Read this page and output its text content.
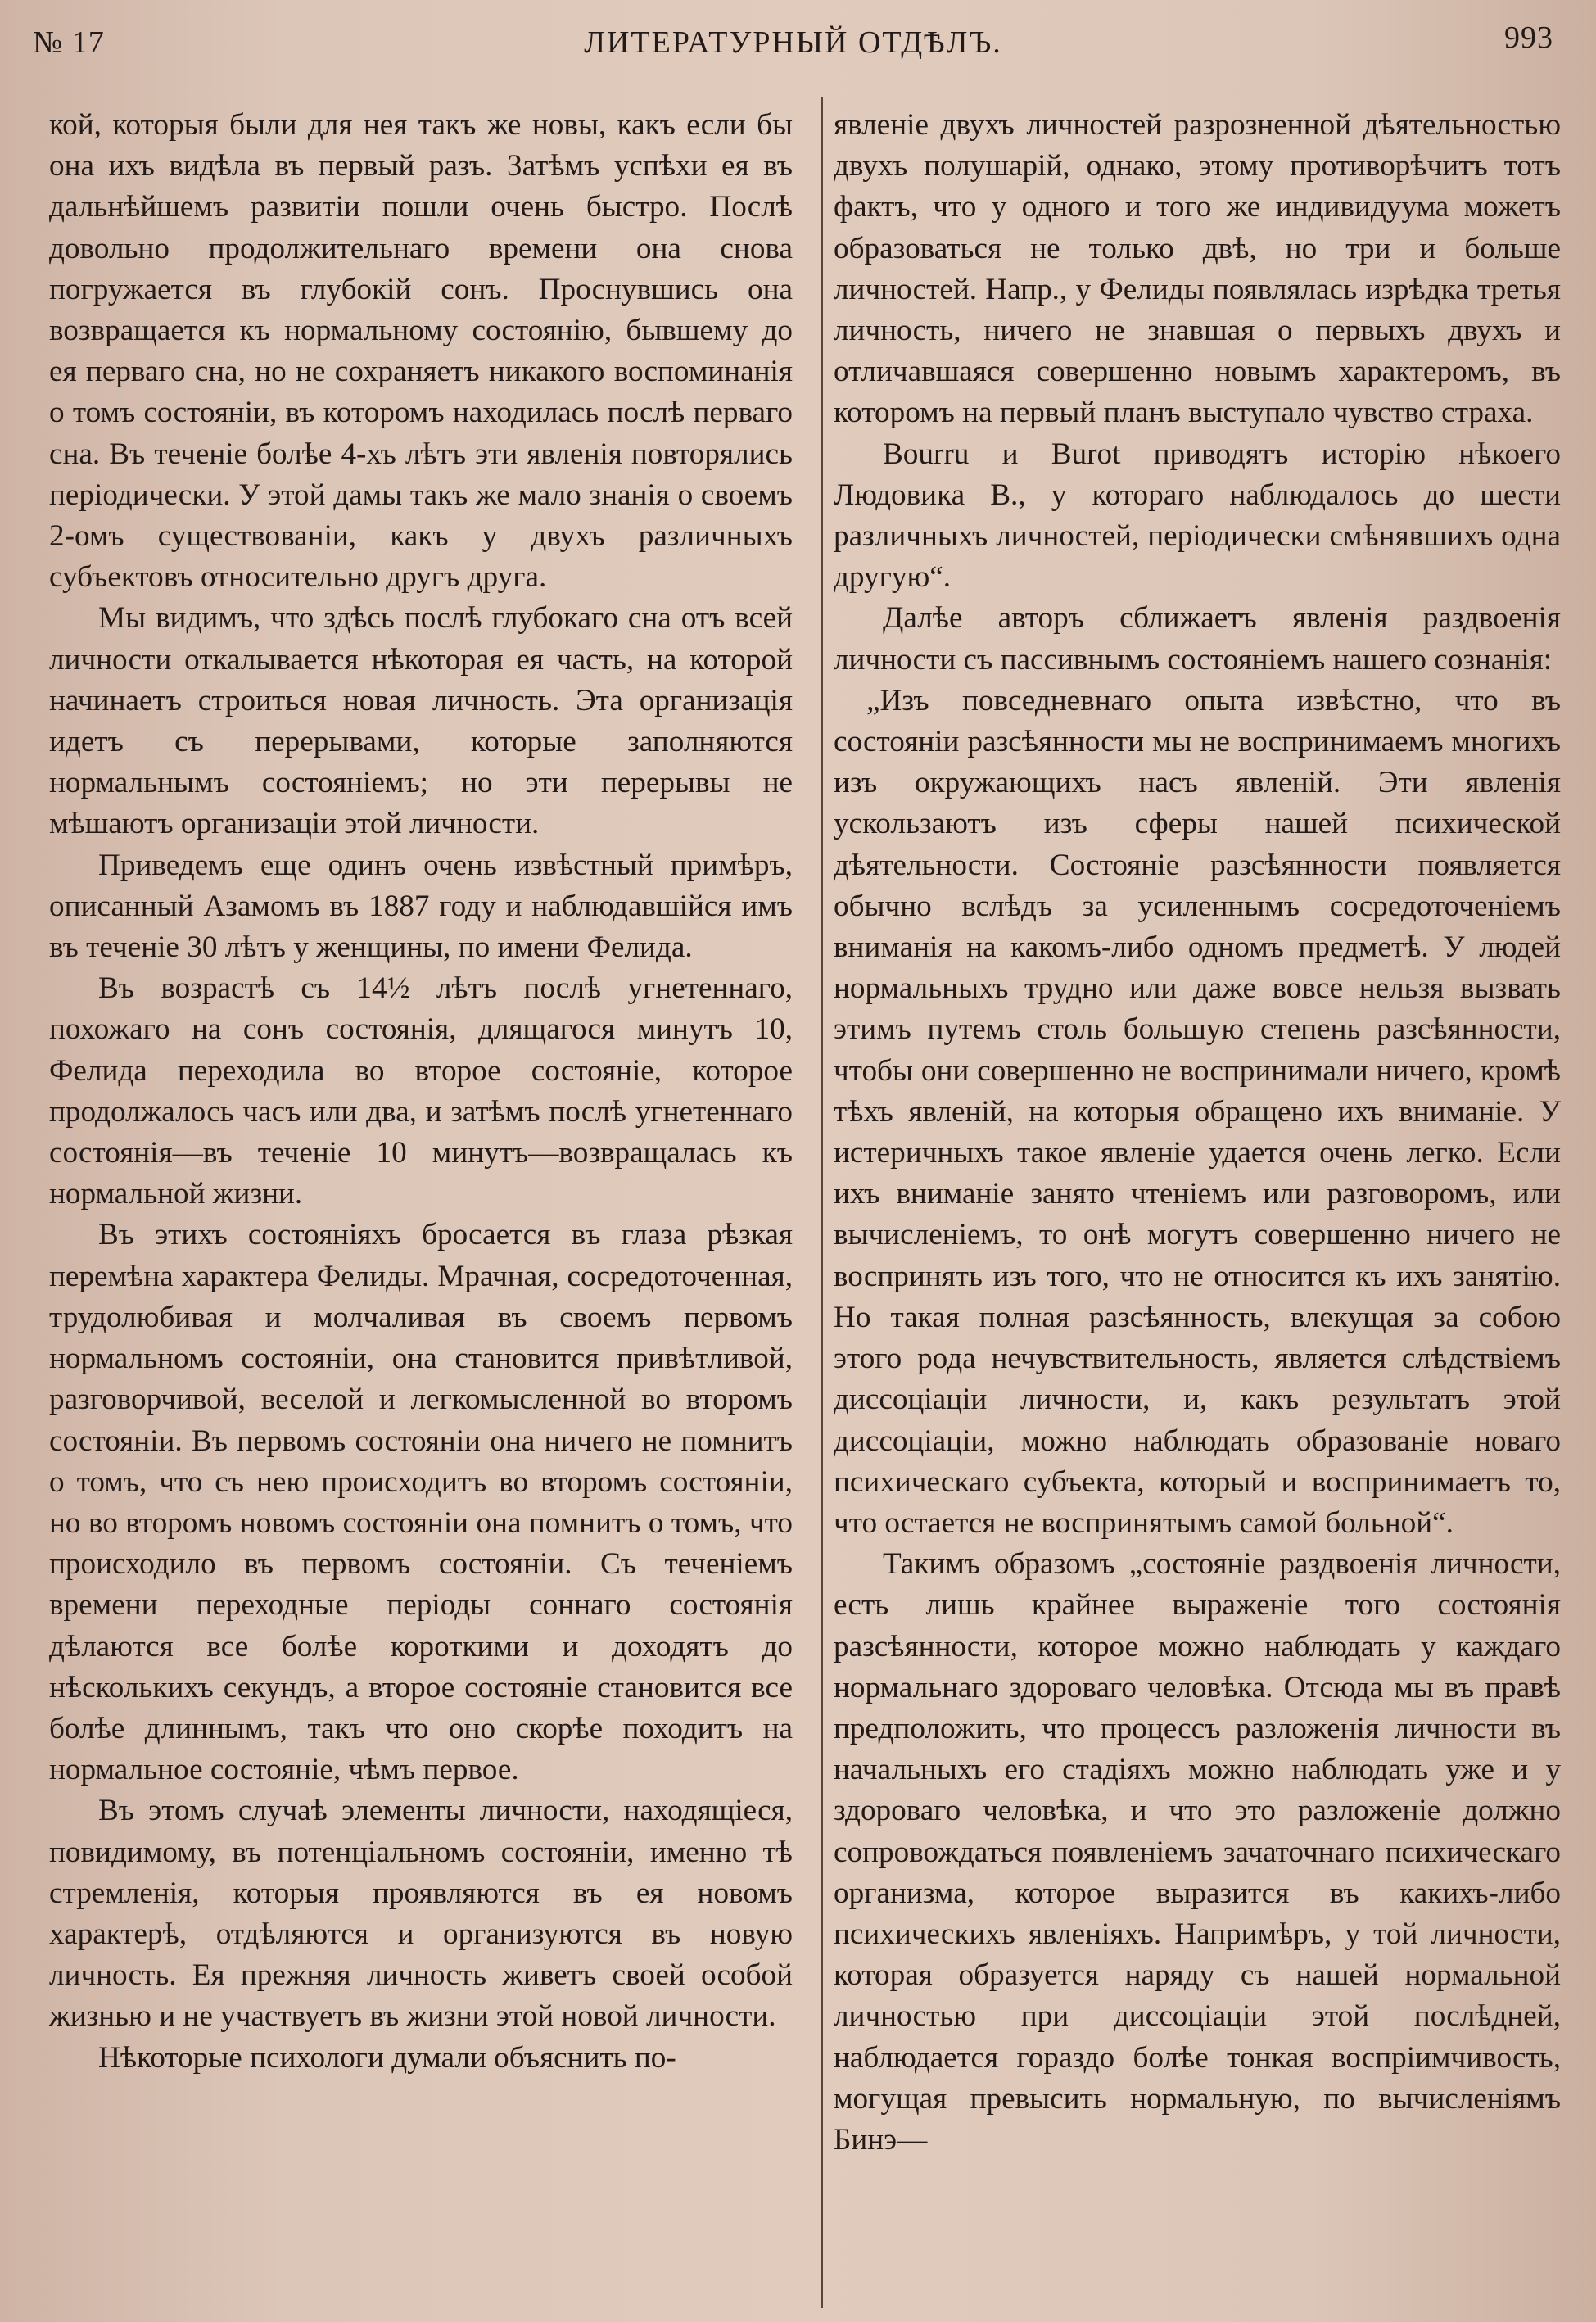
№ 17	ЛИТЕРАТУРНЫЙ ОТДѢЛЪ.	993

кой, которыя были для нея такъ же новы, какъ если бы она ихъ видѣла въ первый разъ. Затѣмъ успѣхи ея въ дальнѣйшемъ развитіи пошли очень быстро. Послѣ довольно продолжительнаго времени она снова погружается въ глубокій сонъ. Проснувшись она возвращается къ нормальному состоянію, бывшему до ея перваго сна, но не сохраняетъ никакого воспоминанія о томъ состояніи, въ которомъ находилась послѣ перваго сна. Въ теченіе болѣе 4-хъ лѣтъ эти явленія повторялись періодически. У этой дамы такъ же мало знанія о своемъ 2-омъ существованіи, какъ у двухъ различныхъ субъектовъ относительно другъ друга.

Мы видимъ, что здѣсь послѣ глубокаго сна отъ всей личности откалывается нѣкоторая ея часть, на которой начинаетъ строиться новая личность. Эта организація идетъ съ перерывами, которые заполняются нормальнымъ состояніемъ; но эти перерывы не мѣшаютъ организаціи этой личности.

Приведемъ еще одинъ очень извѣстный примѣръ, описанный Азамомъ въ 1887 году и наблюдавшійся имъ въ теченіе 30 лѣтъ у женщины, по имени Фелида.

Въ возрастѣ съ 14½ лѣтъ послѣ угнетеннаго, похожаго на сонъ состоянія, длящагося минутъ 10, Фелида переходила во второе состояніе, которое продолжалось часъ или два, и затѣмъ послѣ угнетеннаго состоянія—въ теченіе 10 минутъ—возвращалась къ нормальной жизни.

Въ этихъ состояніяхъ бросается въ глаза рѣзкая перемѣна характера Фелиды. Мрачная, сосредоточенная, трудолюбивая и молчаливая въ своемъ первомъ нормальномъ состояніи, она становится привѣтливой, разговорчивой, веселой и легкомысленной во второмъ состояніи. Въ первомъ состояніи она ничего не помнитъ о томъ, что съ нею происходитъ во второмъ состояніи, но во второмъ новомъ состояніи она помнитъ о томъ, что происходило въ первомъ состояніи. Съ теченіемъ времени переходные періоды соннаго состоянія дѣлаются все болѣе короткими и доходятъ до нѣсколькихъ секундъ, а второе состояніе становится все болѣе длиннымъ, такъ что оно скорѣе походитъ на нормальное состояніе, чѣмъ первое.

Въ этомъ случаѣ элементы личности, находящіеся, повидимому, въ потенціальномъ состояніи, именно тѣ стремленія, которыя проявляются въ ея новомъ характерѣ, отдѣляются и организуются въ новую личность. Ея прежняя личность живетъ своей особой жизнью и не участвуетъ въ жизни этой новой личности.

Нѣкоторые психологи думали объяснить по-

явленіе двухъ личностей разрозненной дѣятельностью двухъ полушарій, однако, этому противорѣчитъ тотъ фактъ, что у одного и того же индивидуума можетъ образоваться не только двѣ, но три и больше личностей. Напр., у Фелиды появлялась изрѣдка третья личность, ничего не знавшая о первыхъ двухъ и отличавшаяся совершенно новымъ характеромъ, въ которомъ на первый планъ выступало чувство страха.

Bourru и Burot приводятъ исторію нѣкоего Людовика В., у котораго наблюдалось до шести различныхъ личностей, періодически смѣнявшихъ одна другую“.

Далѣе авторъ сближаетъ явленія раздвоенія личности съ пассивнымъ состояніемъ нашего сознанія:

„Изъ повседневнаго опыта извѣстно, что въ состояніи разсѣянности мы не воспринимаемъ многихъ изъ окружающихъ насъ явленій. Эти явленія ускользаютъ изъ сферы нашей психической дѣятельности. Состояніе разсѣянности появляется обычно вслѣдъ за усиленнымъ сосредоточеніемъ вниманія на какомъ-либо одномъ предметѣ. У людей нормальныхъ трудно или даже вовсе нельзя вызвать этимъ путемъ столь большую степень разсѣянности, чтобы они совершенно не воспринимали ничего, кромѣ тѣхъ явленій, на которыя обращено ихъ вниманіе. У истеричныхъ такое явленіе удается очень легко. Если ихъ вниманіе занято чтеніемъ или разговоромъ, или вычисленіемъ, то онѣ могутъ совершенно ничего не воспринять изъ того, что не относится къ ихъ занятію. Но такая полная разсѣянность, влекущая за собою этого рода нечувствительность, является слѣдствіемъ диссоціаціи личности, и, какъ результатъ этой диссоціаціи, можно наблюдать образованіе новаго психическаго субъекта, который и воспринимаетъ то, что остается не воспринятымъ самой больной“.

Такимъ образомъ „состояніе раздвоенія личности, есть лишь крайнее выраженіе того состоянія разсѣянности, которое можно наблюдать у каждаго нормальнаго здороваго человѣка. Отсюда мы въ правѣ предположить, что процессъ разложенія личности въ начальныхъ его стадіяхъ можно наблюдать уже и у здороваго человѣка, и что это разложеніе должно сопровождаться появленіемъ зачаточнаго психическаго организма, которое выразится въ какихъ-либо психическихъ явленіяхъ. Напримѣръ, у той личности, которая образуется наряду съ нашей нормальной личностью при диссоціаціи этой послѣдней, наблюдается гораздо болѣе тонкая воспріимчивость, могущая превысить нормальную, по вычисленіямъ Бинэ—
